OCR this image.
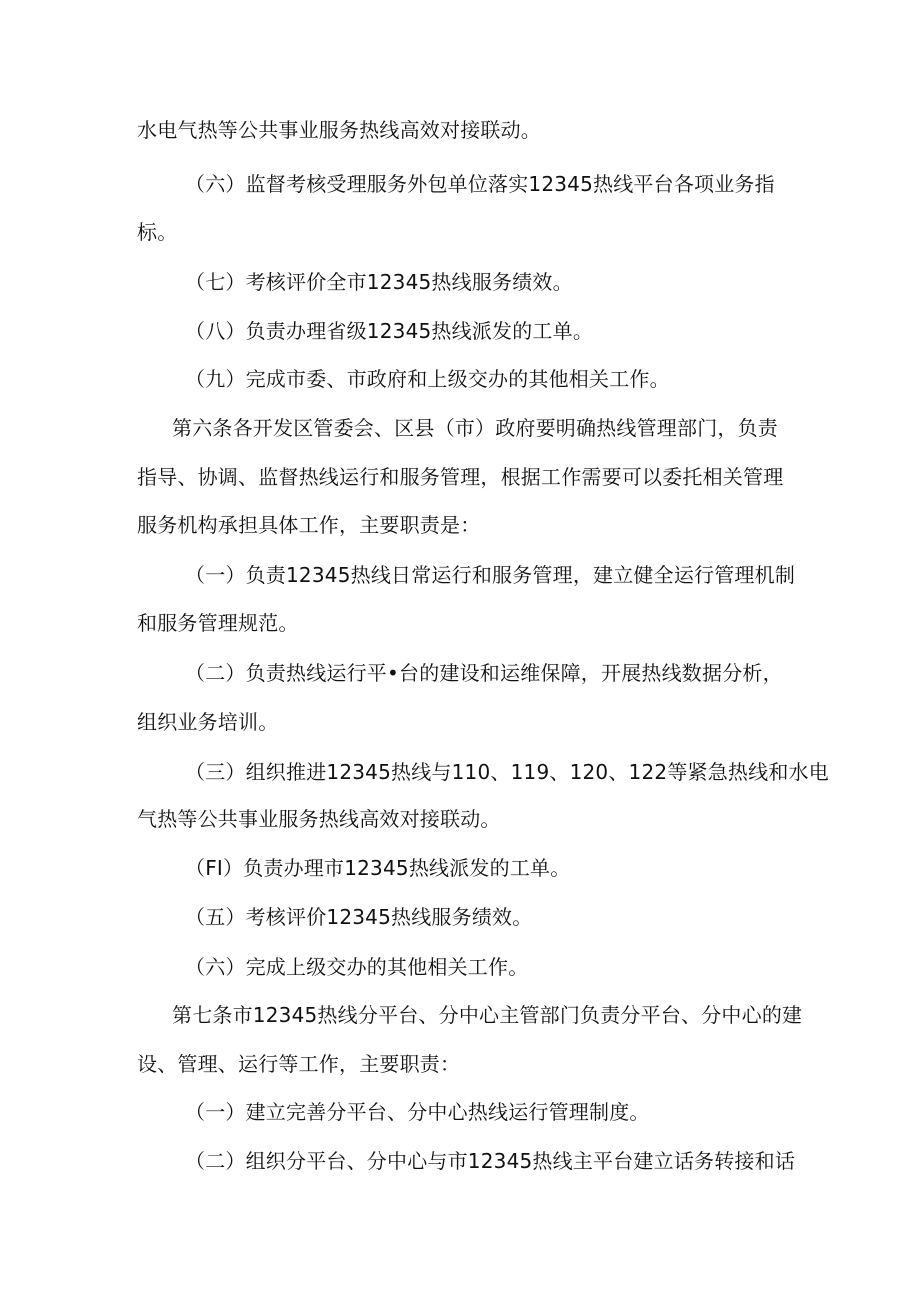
水电气热等公共事业服务热线高效对接联动。
（六）监督考核受理服务外包单位落实12345热线平台各项业务指
标。
（七）考核评价全市12345热线服务绩效。
（八）负责办理省级12345热线派发的工单。
（九）完成市委、市政府和上级交办的其他相关工作。
第六条各开发区管委会、区县（市）政府要明确热线管理部门，负责
指导、协调、监督热线运行和服务管理，根据工作需要可以委托相关管理
服务机构承担具体工作，主要职责是：
（一）负责12345热线日常运行和服务管理，建立健全运行管理机制
和服务管理规范。
（二）负责热线运行平•台的建设和运维保障，开展热线数据分析，
组织业务培训。
（三）组织推进12345热线与110、119、120、122等紧急热线和水电
气热等公共事业服务热线高效对接联动。
（FI）负责办理市12345热线派发的工单。
（五）考核评价12345热线服务绩效。
（六）完成上级交办的其他相关工作。
第七条市12345热线分平台、分中心主管部门负责分平台、分中心的建
设、管理、运行等工作，主要职责：
（一）建立完善分平台、分中心热线运行管理制度。
（二）组织分平台、分中心与市12345热线主平台建立话务转接和话
